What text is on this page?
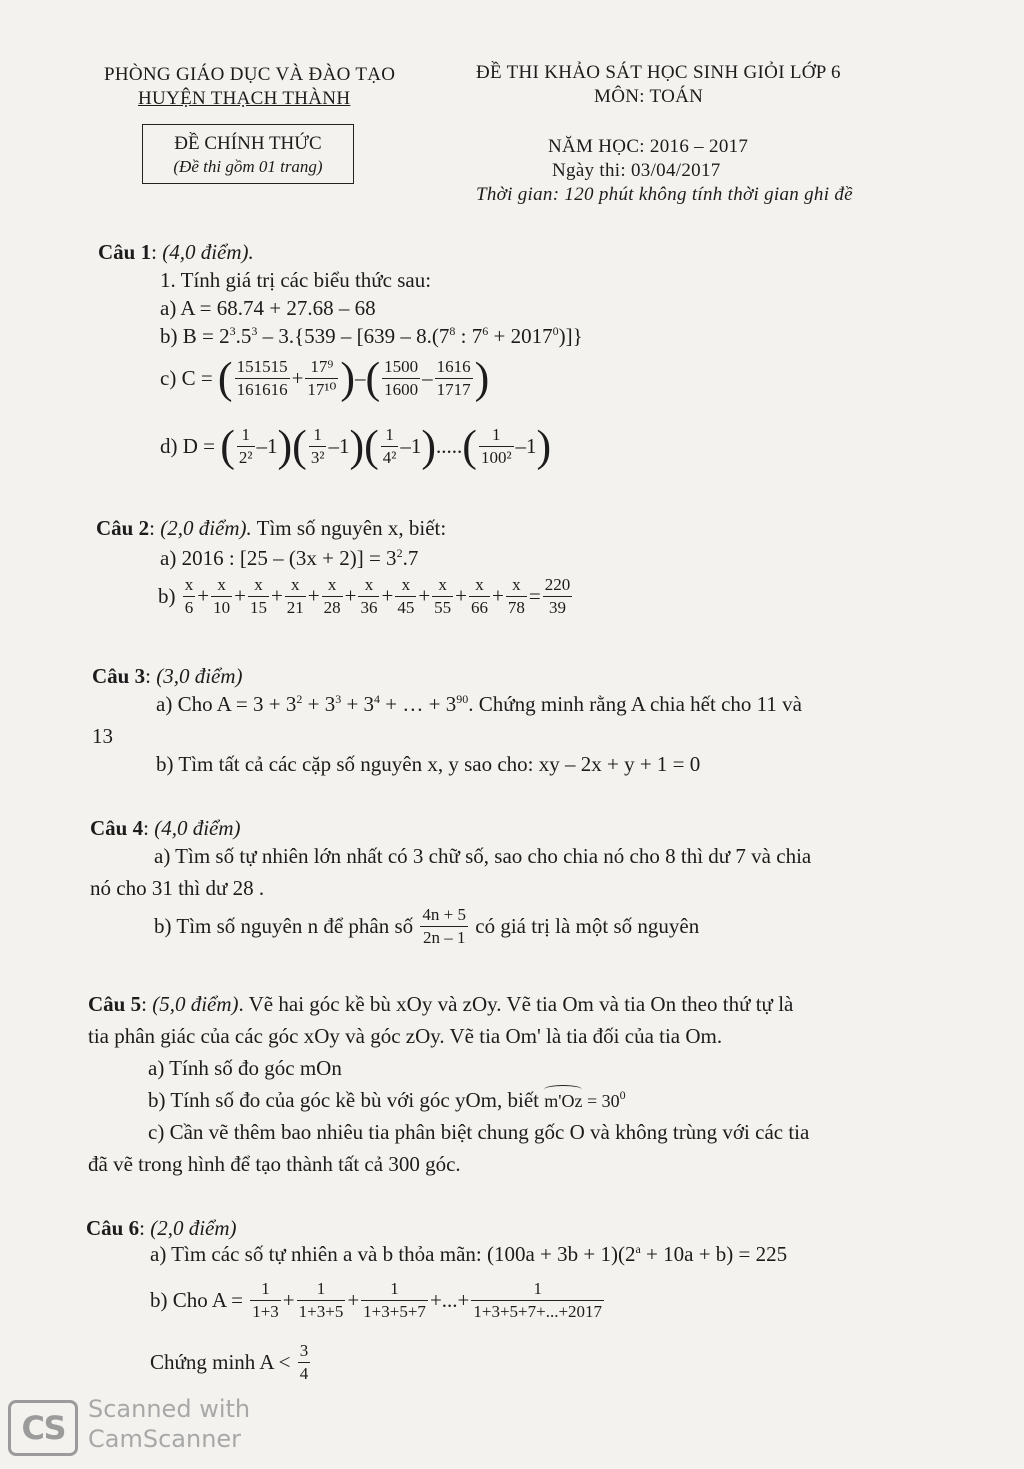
PHÒNG GIÁO DỤC VÀ ĐÀO TẠO
HUYỆN THẠCH THÀNH
ĐỀ THI KHẢO SÁT HỌC SINH GIỎI LỚP 6
MÔN: TOÁN
ĐỀ CHÍNH THỨC
(Đề thi gồm 01 trang)
NĂM HỌC: 2016 – 2017
Ngày thi: 03/04/2017
Thời gian: 120 phút không tính thời gian ghi đề
Câu 1: (4,0 điểm).
1. Tính giá trị các biểu thức sau:
a) A = 68.74 + 27.68 – 68
b) $B = 2^3.5^3 - 3.\{539 - [639 - 8.(7^8$ : $7^6 + 2017^0$)]}
c) C = ( $\frac{151515}{161616} + \frac{\text{17⁹}}{\text{17¹⁰}}$ )–( $\frac{1500}{1600} - \frac{1616}{1717}$ )
d) D = ( $\frac{1}{\text{2²}} -1)( \frac{1}{\text{3²}} -1)( \frac{1}{\text{4²}} -1).....( \frac{1}{\text{100²}} -1)$
Câu 2: (2,0 điểm). Tìm số nguyên x, biết:
a) 2016 : $[25 - (3x + 2)] = 3^2.7$
$b) \frac{x}{6} + \frac{x}{10} + \frac{x}{15} + \frac{x}{21} + \frac{x}{28} + \frac{x}{36} + \frac{x}{45} + \frac{x}{55} + \frac{x}{66} + \frac{x}{78} = \frac{220}{39}$
Câu 3: (3,0 điểm)
a) Cho $A = 3 + 3^2 + 3^3 + 3^4$ + … + $3^{90}$. Chứng minh rằng A chia hết cho 11 và
13
b) Tìm tất cả các cặp số nguyên x, y sao cho: xy – 2x + y + 1 = 0
Câu 4: (4,0 điểm)
a) Tìm số tự nhiên lớn nhất có 3 chữ số, sao cho chia nó cho 8 thì dư 7 và chia
nó cho 31 thì dư 28 .
b) Tìm số nguyên n để phân số $\frac{4n + 5}{2n - 1}$ có giá trị là một số nguyên
Câu 5: (5,0 điểm). Vẽ hai góc kề bù xOy và zOy. Vẽ tia Om và tia On theo thứ tự là
tia phân giác của các góc xOy và góc zOy. Vẽ tia Om' là tia đối của tia Om.
a) Tính số đo góc mOn
b) Tính số đo của góc kề bù với góc yOm, biết $m'Oz = 30^0$
c) Cần vẽ thêm bao nhiêu tia phân biệt chung gốc O và không trùng với các tia
đã vẽ trong hình để tạo thành tất cả 300 góc.
Câu 6: (2,0 điểm)
a) Tìm các số tự nhiên a và b thỏa mãn: $(100a + 3b + 1)(2^a + 10a + b) = 225$
b) Cho $A = \frac{1}{1+3} + \frac{1}{1+3+5} + \frac{1}{1+3+5+7}$ +...+ $\frac{1}{1+3+5+7+...+2017}$
Chứng minh $A < \frac{3}{4}$
CS Scanned with
CamScanner
